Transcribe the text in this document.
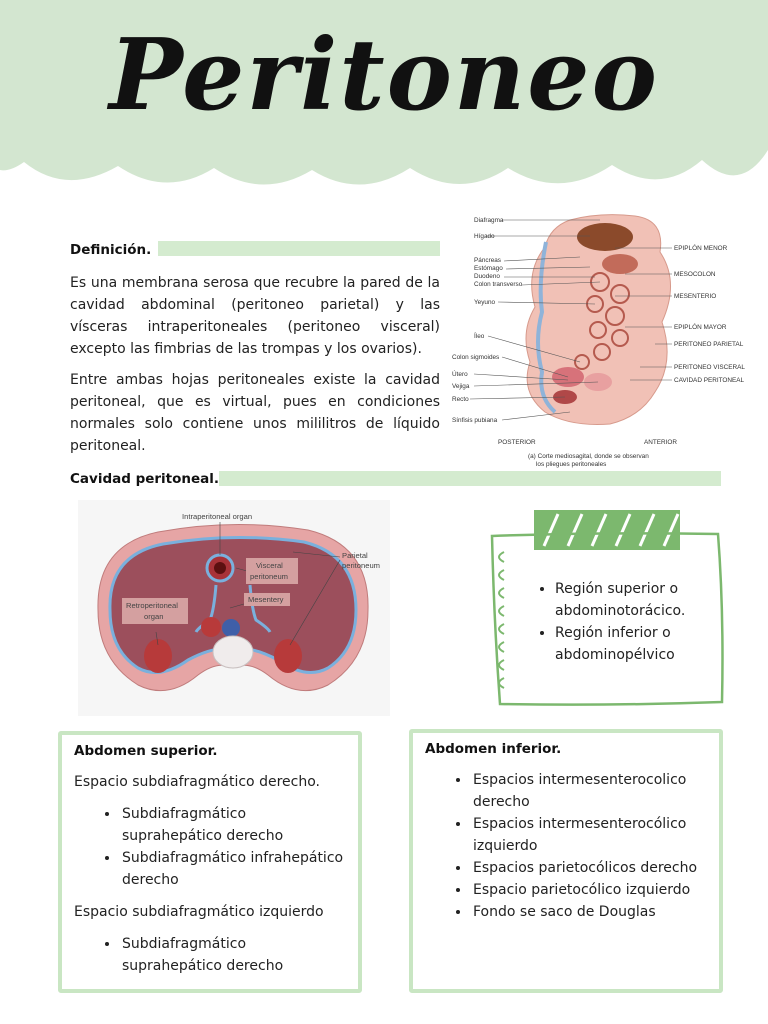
Peritoneo
Definición.
Es una membrana serosa que recubre la pared de la cavidad abdominal (peritoneo parietal) y las vísceras intraperitoneales (peritoneo visceral) excepto las fimbrias de las trompas y los ovarios).
Entre ambas hojas peritoneales existe la cavidad peritoneal, que es virtual, pues en condiciones normales solo contiene unos mililitros de líquido peritoneal.
Diafragma
Hígado
Páncreas
Estómago
Duodeno
Colon transverso
Yeyuno
Íleo
Colon sigmoides
Útero
Vejiga
Recto
Sínfisis pubiana
EPIPLÓN MENOR
MESOCOLON
MESENTERIO
EPIPLÓN MAYOR
PERITONEO PARIETAL
PERITONEO VISCERAL
CAVIDAD PERITONEAL
POSTERIOR	ANTERIOR
(a) Corte mediosagital, donde se observan
los pliegues peritoneales
Cavidad peritoneal.
Intraperitoneal organ
Visceral
peritoneum
Parietal
peritoneum
Retroperitoneal
organ
Mesentery
• Región superior o abdominotorácico.
• Región inferior o abdominopélvico
Abdomen superior.

Espacio subdiafragmático derecho.

• Subdiafragmático suprahepático derecho
• Subdiafragmático infrahepático derecho

Espacio subdiafragmático izquierdo

• Subdiafragmático suprahepático derecho
Abdomen inferior.
• Espacios intermesenterocolico derecho
• Espacios intermesenterocólico izquierdo
• Espacios parietocólicos derecho
• Espacio parietocólico izquierdo
• Fondo se saco de Douglas
